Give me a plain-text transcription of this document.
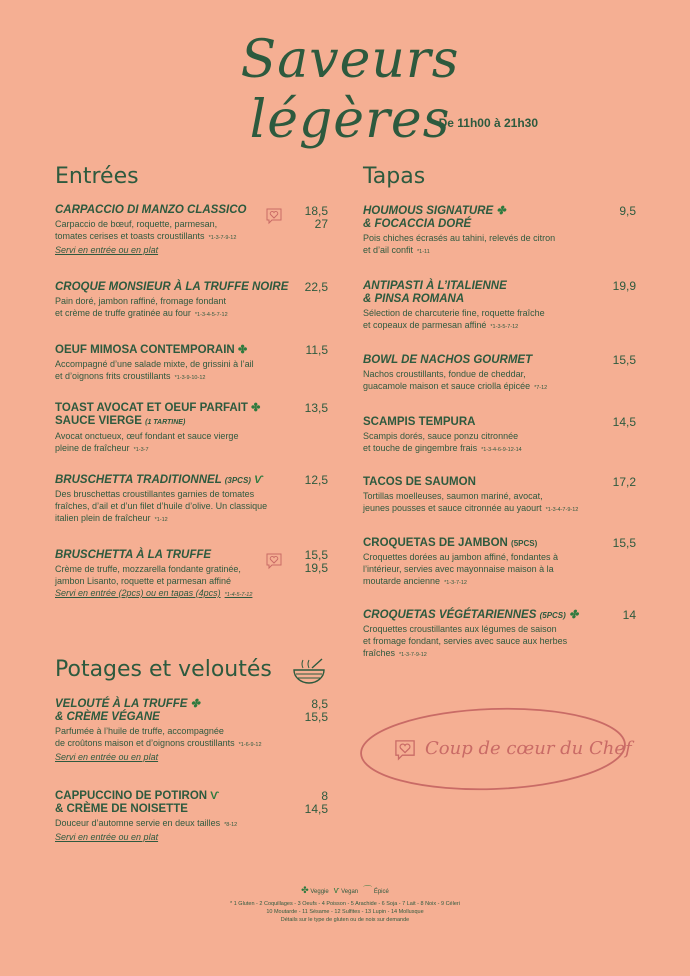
Saveurs légères
De 11h00 à 21h30
Entrées
CARPACCIO DI MANZO CLASSICO
Carpaccio de bœuf, roquette, parmesan,
tomates cerises et toasts croustillants *1-3-7-9-12
Servi en entrée ou en plat
18,5
27
CROQUE MONSIEUR À LA TRUFFE NOIRE
Pain doré, jambon raffiné, fromage fondant
et crème de truffe gratinée au four *1-3-4-5-7-12
22,5
OEUF MIMOSA CONTEMPORAIN ✤
Accompagné d’une salade mixte, de grissini à l’ail
et d’oignons frits croustillants *1-3-9-10-12
11,5
TOAST AVOCAT ET OEUF PARFAIT ✤
SAUCE VIERGE (1 TARTINE)
Avocat onctueux, œuf fondant et sauce vierge
pleine de fraîcheur *1-3-7
13,5
BRUSCHETTA TRADITIONNEL (3PCS) Ѵ
Des bruschettas croustillantes garnies de tomates
fraîches, d’ail et d’un filet d’huile d’olive. Un classique
italien plein de fraîcheur *1-12
12,5
BRUSCHETTA À LA TRUFFE
Crème de truffe, mozzarella fondante gratinée,
jambon Lisanto, roquette et parmesan affiné
Servi en entrée (2pcs) ou en tapas (4pcs) *1-4-5-7-12
15,5
19,5
Potages et veloutés
VELOUTÉ À LA TRUFFE ✤
& CRÈME VÉGANE
Parfumée à l’huile de truffe, accompagnée
de croûtons maison et d’oignons croustillants *1-6-9-12
Servi en entrée ou en plat
8,5
15,5
CAPPUCCINO DE POTIRON Ѵ
& CRÈME DE NOISETTE
Douceur d’automne servie en deux tailles *8-12
Servi en entrée ou en plat
8
14,5
Tapas
HOUMOUS SIGNATURE ✤
& FOCACCIA DORÉ
Pois chiches écrasés au tahini, relevés de citron
et d’ail confit *1-11
9,5
ANTIPASTI À L’ITALIENNE
& PINSA ROMANA
Sélection de charcuterie fine, roquette fraîche
et copeaux de parmesan affiné *1-3-5-7-12
19,9
BOWL DE NACHOS GOURMET
Nachos croustillants, fondue de cheddar,
guacamole maison et sauce criolla épicée *7-12
15,5
SCAMPIS TEMPURA
Scampis dorés, sauce ponzu citronnée
et touche de gingembre frais *1-3-4-6-9-12-14
14,5
TACOS DE SAUMON
Tortillas moelleuses, saumon mariné, avocat,
jeunes pousses et sauce citronnée au yaourt *1-3-4-7-9-12
17,2
CROQUETAS DE JAMBON (5PCS)
Croquettes dorées au jambon affiné, fondantes à
l’intérieur, servies avec mayonnaise maison à la
moutarde ancienne *1-3-7-12
15,5
CROQUETAS VÉGÉTARIENNES (5PCS) ✤
Croquettes croustillantes aux légumes de saison
et fromage fondant, servies avec sauce aux herbes
fraîches *1-3-7-9-12
14
Coup de cœur du Chef
✤ Veggie ѵ Vegan ⌒ Épicé
* 1 Gluten - 2 Coquillages - 3 Oeufs - 4 Poisson - 5 Arachide - 6 Soja - 7 Lait - 8 Noix - 9 Céleri
10 Moutarde - 11 Sésame - 12 Sulfites - 13 Lupin - 14 Mollusque
Détails sur le type de gluten ou de noix sur demande
